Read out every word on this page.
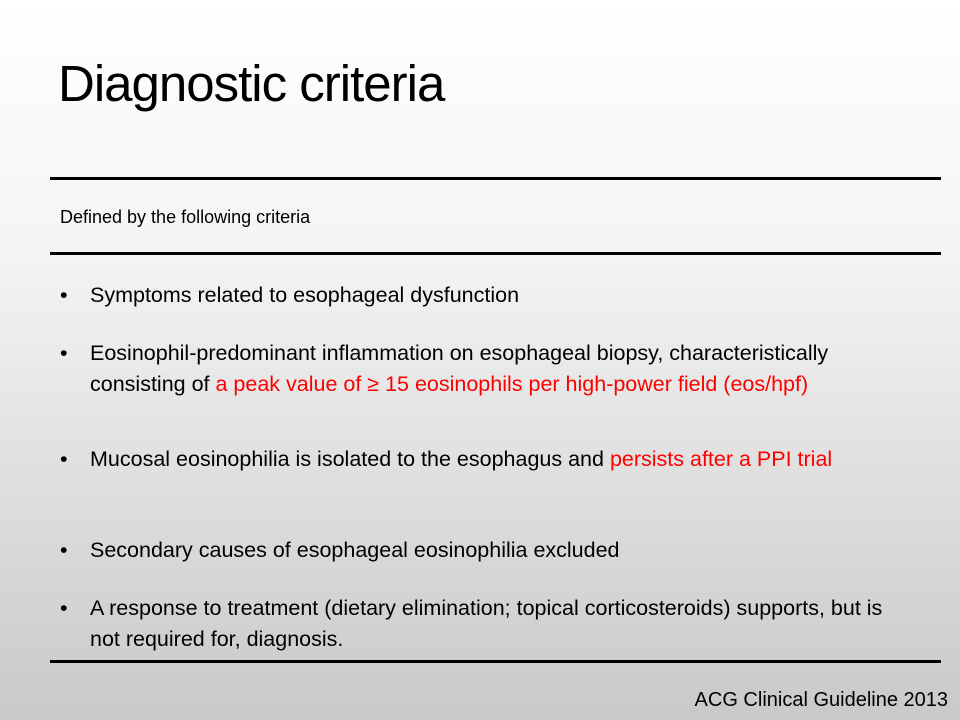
Diagnostic criteria
Defined by the following criteria
• Symptoms related to esophageal dysfunction
• Eosinophil-predominant inflammation on esophageal biopsy, characteristically consisting of a peak value of ≥ 15 eosinophils per high-power field (eos/hpf)
• Mucosal eosinophilia is isolated to the esophagus and persists after a PPI trial
• Secondary causes of esophageal eosinophilia excluded
• A response to treatment (dietary elimination; topical corticosteroids) supports, but is not required for, diagnosis.
ACG Clinical Guideline 2013
